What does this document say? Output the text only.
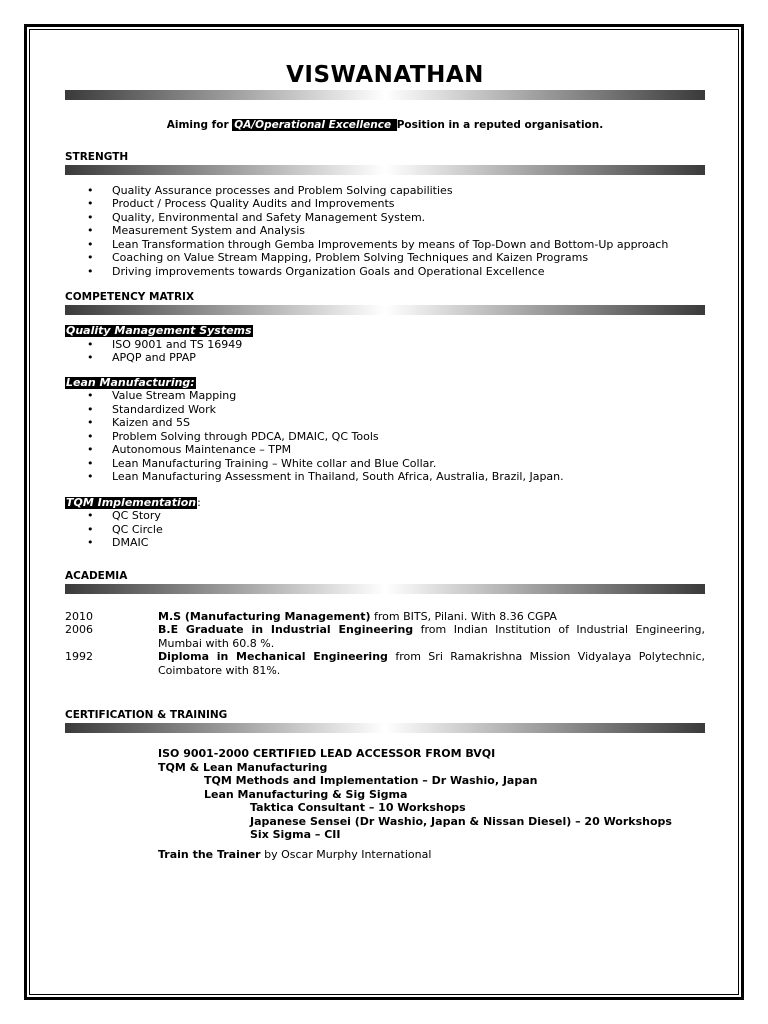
VISWANATHAN
Aiming for QA/Operational Excellence Position in a reputed organisation.
STRENGTH
• Quality Assurance processes and Problem Solving capabilities
• Product / Process Quality Audits and Improvements
• Quality, Environmental and Safety Management System.
• Measurement System and Analysis
• Lean Transformation through Gemba Improvements by means of Top-Down and Bottom-Up approach
• Coaching on Value Stream Mapping, Problem Solving Techniques and Kaizen Programs
• Driving improvements towards Organization Goals and Operational Excellence
COMPETENCY MATRIX
Quality Management Systems
• ISO 9001 and TS 16949
• APQP and PPAP
Lean Manufacturing:
• Value Stream Mapping
• Standardized Work
• Kaizen and 5S
• Problem Solving through PDCA, DMAIC, QC Tools
• Autonomous Maintenance – TPM
• Lean Manufacturing Training – White collar and Blue Collar.
• Lean Manufacturing Assessment in Thailand, South Africa, Australia, Brazil, Japan.
TQM Implementation:
• QC Story
• QC Circle
• DMAIC
ACADEMIA
2010	M.S (Manufacturing Management) from BITS, Pilani. With 8.36 CGPA
2006	B.E Graduate in Industrial Engineering from Indian Institution of Industrial Engineering, Mumbai with 60.8 %.
1992	Diploma in Mechanical Engineering from Sri Ramakrishna Mission Vidyalaya Polytechnic, Coimbatore with 81%.
CERTIFICATION & TRAINING
ISO 9001-2000 CERTIFIED LEAD ACCESSOR FROM BVQI
TQM & Lean Manufacturing
TQM Methods and Implementation – Dr Washio, Japan
Lean Manufacturing & Sig Sigma
Taktica Consultant – 10 Workshops
Japanese Sensei (Dr Washio, Japan & Nissan Diesel) – 20 Workshops
Six Sigma – CII
Train the Trainer by Oscar Murphy International
